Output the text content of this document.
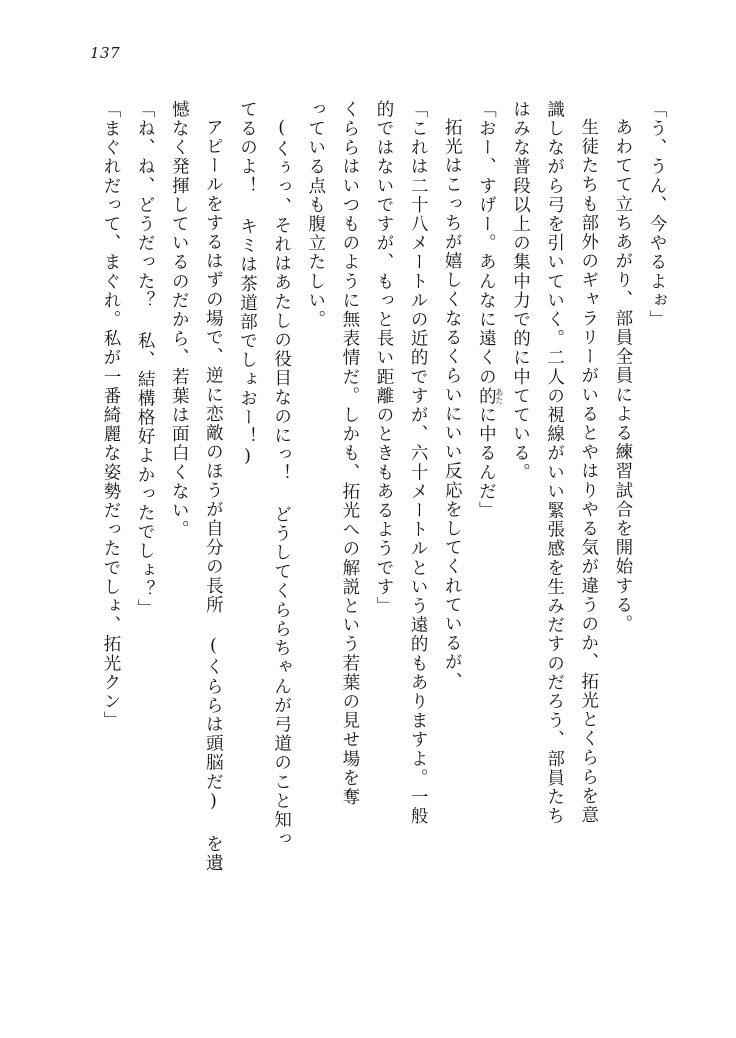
137

「う、うん、今やるよぉ」

あわてて立ちあがり、部員全員による練習試合を開始する。

生徒たちも部外のギャラリーがいるとやはりやる気が違うのか、拓光とくららを意

識しながら弓を引いていく。二人の視線がいい緊張感を生みだすのだろう、部員たち

はみな普段以上の集中力で的に中てている。

「おー、すげー。あんなに遠くの的あたに中るんだ」

拓光はこっちが嬉しくなるくらいにいい反応をしてくれているが、

「これは二十八メートルの近的ですが、六十メートルという遠的もありますよ。一般

的ではないですが、もっと長い距離のときもあるようです」

くららはいつものように無表情だ。しかも、拓光への解説という若葉の見せ場を奪

っている点も腹立たしい。

(くぅっ、それはあたしの役目なのにっ！ どうしてくららちゃんが弓道のこと知っ

てるのよ！ キミは茶道部でしょおー！)

アピールをするはずの場で、逆に恋敵のほうが自分の長所 (くららは頭脳だ) を遺

憾なく発揮しているのだから、若葉は面白くない。

「ね、ね、どうだった？ 私、結構格好よかったでしょ？」

「まぐれだって、まぐれ。私が一番綺麗な姿勢だったでしょ、拓光クン」
